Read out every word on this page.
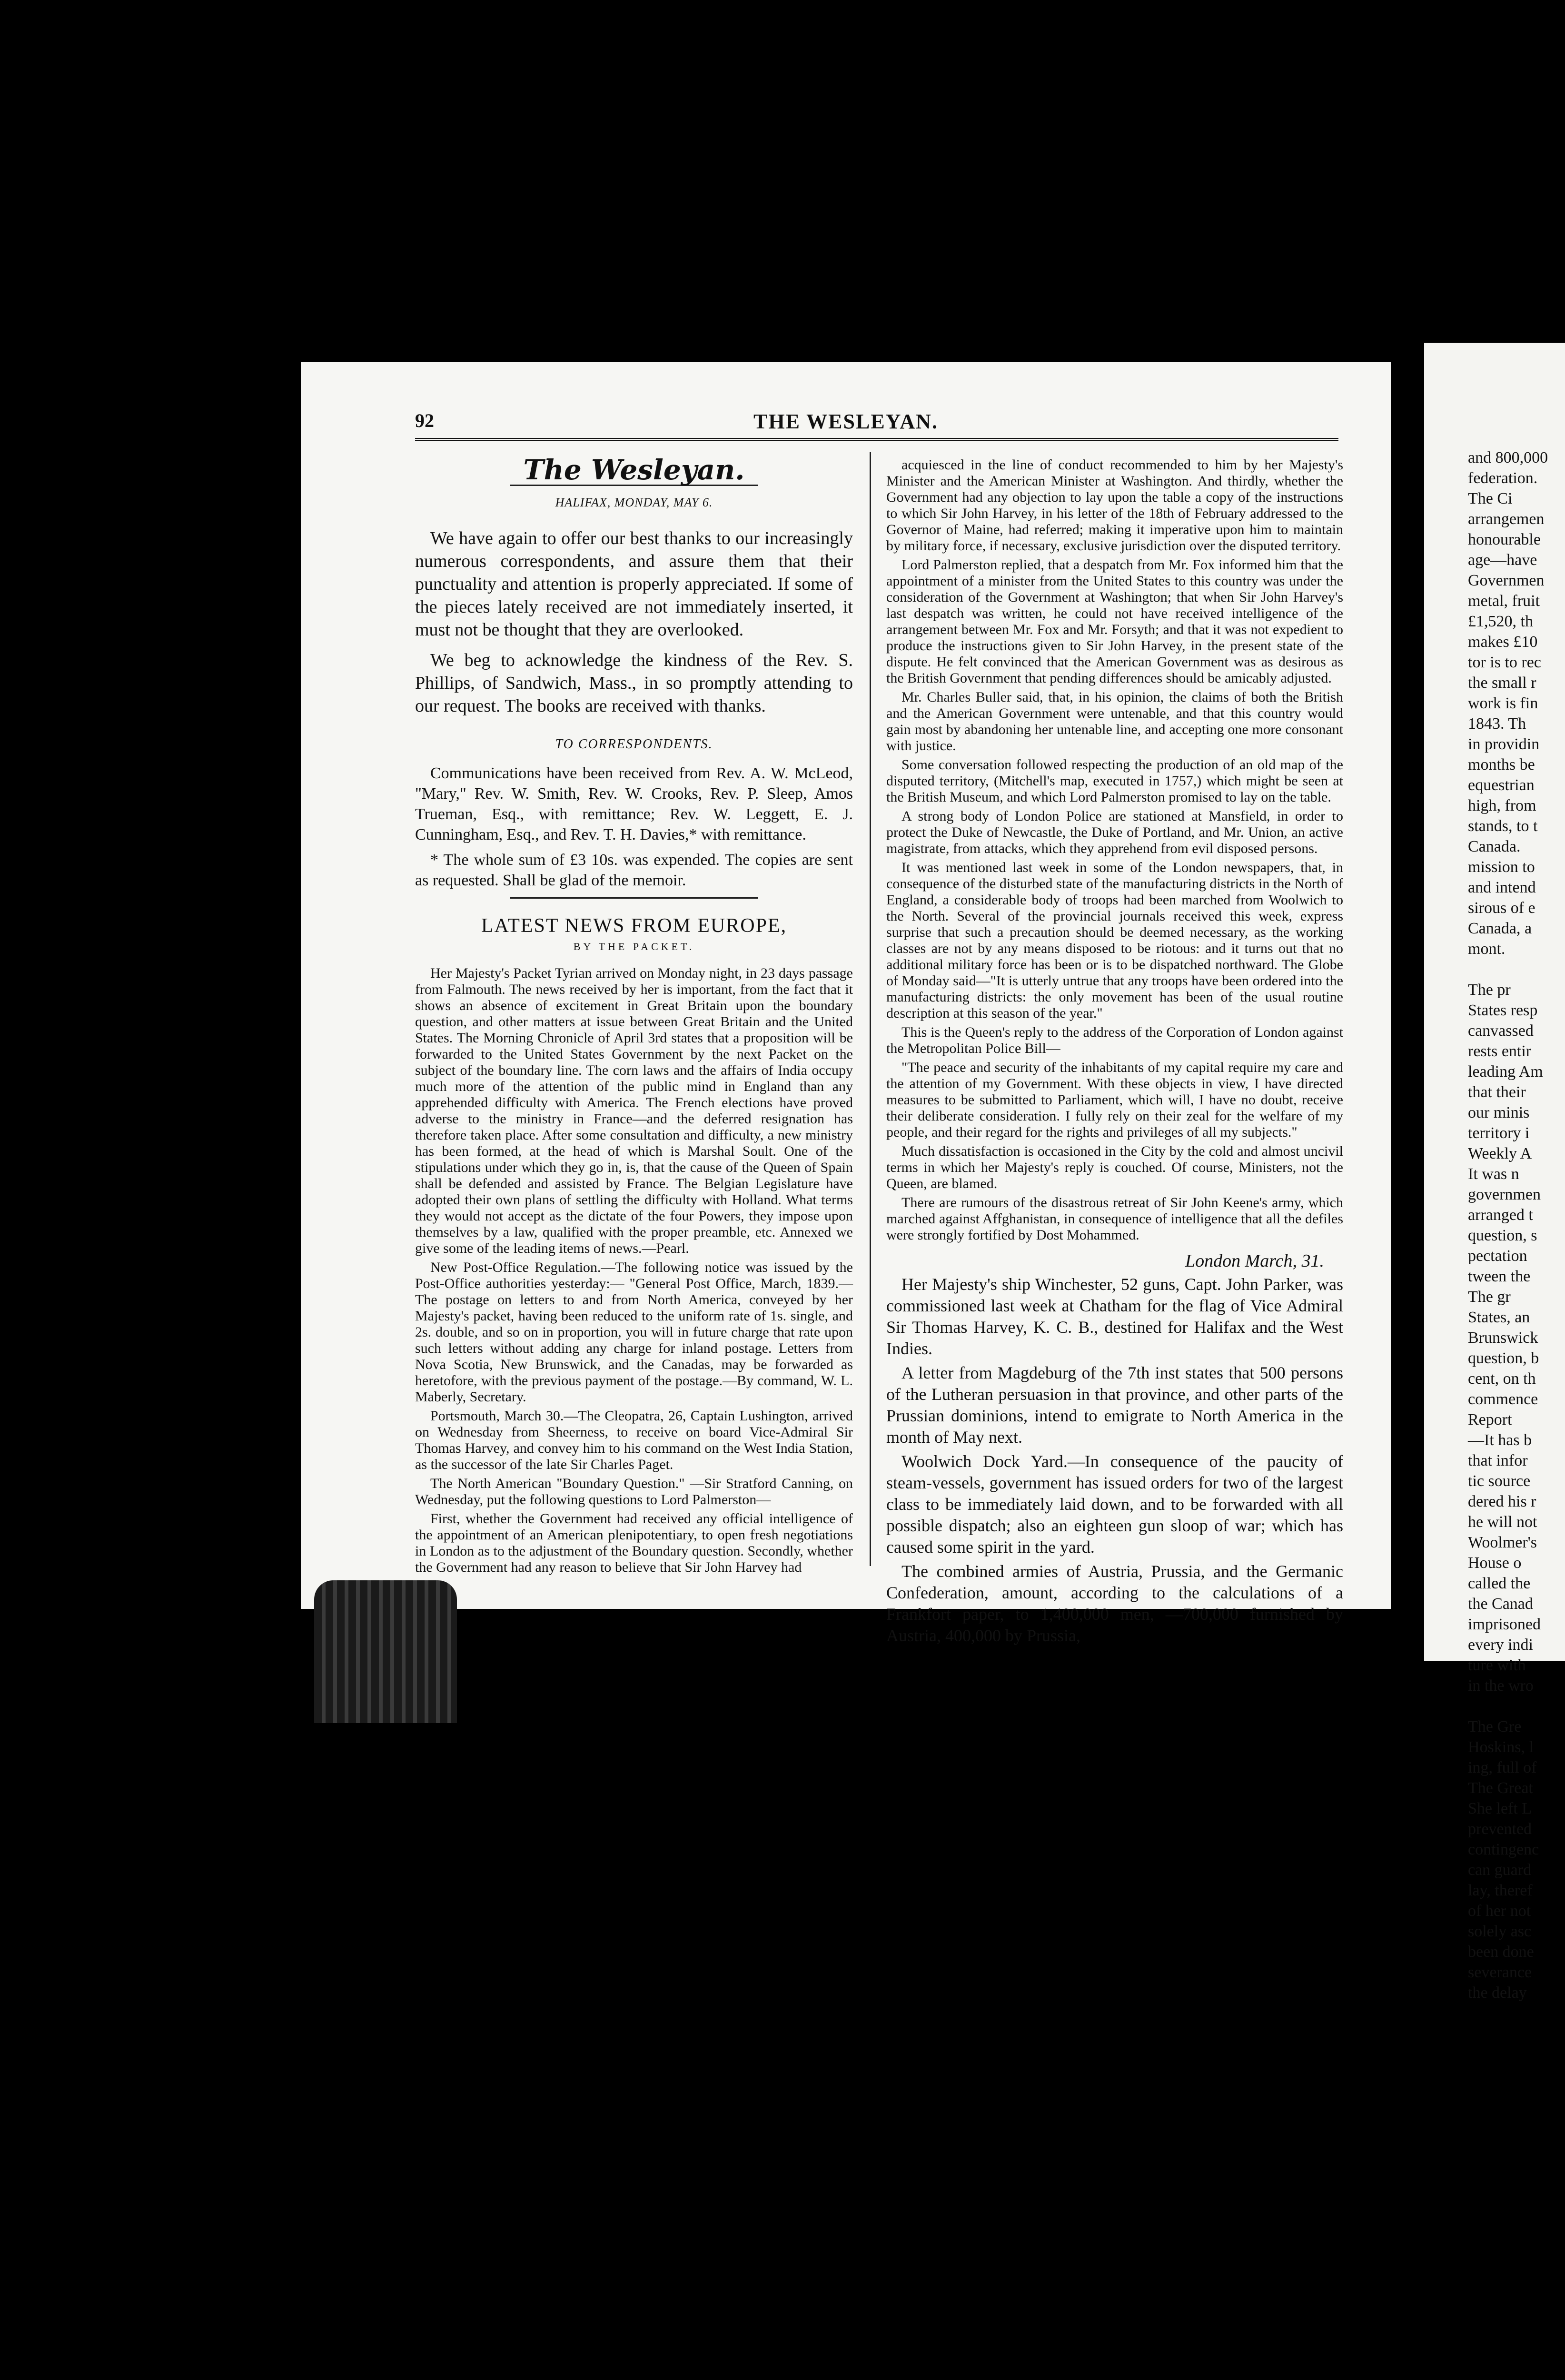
92	THE WESLEYAN.
The Wesleyan.
HALIFAX, MONDAY, MAY 6.

We have again to offer our best thanks to our increasingly numerous correspondents, and assure them that their punctuality and attention is properly appreciated. If some of the pieces lately received are not immediately inserted, it must not be thought that they are overlooked.

We beg to acknowledge the kindness of the Rev. S. Phillips, of Sandwich, Mass., in so promptly attending to our request. The books are received with thanks.

TO CORRESPONDENTS.

Communications have been received from Rev. A. W. McLeod, "Mary," Rev. W. Smith, Rev. W. Crooks, Rev. P. Sleep, Amos Trueman, Esq., with remittance; Rev. W. Leggett, E. J. Cunningham, Esq., and Rev. T. H. Davies,* with remittance.

* The whole sum of £3 10s. was expended. The copies are sent as requested. Shall be glad of the memoir.

LATEST NEWS FROM EUROPE,
BY THE PACKET.

Her Majesty's Packet Tyrian arrived on Monday night, in 23 days passage from Falmouth. The news received by her is important, from the fact that it shows an absence of excitement in Great Britain upon the boundary question, and other matters at issue between Great Britain and the United States. The Morning Chronicle of April 3rd states that a proposition will be forwarded to the United States Government by the next Packet on the subject of the boundary line. The corn laws and the affairs of India occupy much more of the attention of the public mind in England than any apprehended difficulty with America. The French elections have proved adverse to the ministry in France—and the deferred resignation has therefore taken place. After some consultation and difficulty, a new ministry has been formed, at the head of which is Marshal Soult. One of the stipulations under which they go in, is, that the cause of the Queen of Spain shall be defended and assisted by France. The Belgian Legislature have adopted their own plans of settling the difficulty with Holland. What terms they would not accept as the dictate of the four Powers, they impose upon themselves by a law, qualified with the proper preamble, etc. Annexed we give some of the leading items of news.—Pearl.

New Post-Office Regulation.—The following notice was issued by the Post-Office authorities yesterday:— "General Post Office, March, 1839.—The postage on letters to and from North America, conveyed by her Majesty's packet, having been reduced to the uniform rate of 1s. single, and 2s. double, and so on in proportion, you will in future charge that rate upon such letters without adding any charge for inland postage. Letters from Nova Scotia, New Brunswick, and the Canadas, may be forwarded as heretofore, with the previous payment of the postage.—By command, W. L. Maberly, Secretary.

Portsmouth, March 30.—The Cleopatra, 26, Captain Lushington, arrived on Wednesday from Sheerness, to receive on board Vice-Admiral Sir Thomas Harvey, and convey him to his command on the West India Station, as the successor of the late Sir Charles Paget.

The North American "Boundary Question." —Sir Stratford Canning, on Wednesday, put the following questions to Lord Palmerston—

First, whether the Government had received any official intelligence of the appointment of an American plenipotentiary, to open fresh negotiations in London as to the adjustment of the Boundary question. Secondly, whether the Government had any reason to believe that Sir John Harvey had

acquiesced in the line of conduct recommended to him by her Majesty's Minister and the American Minister at Washington. And thirdly, whether the Government had any objection to lay upon the table a copy of the instructions to which Sir John Harvey, in his letter of the 18th of February addressed to the Governor of Maine, had referred; making it imperative upon him to maintain by military force, if necessary, exclusive jurisdiction over the disputed territory.

Lord Palmerston replied, that a despatch from Mr. Fox informed him that the appointment of a minister from the United States to this country was under the consideration of the Government at Washington; that when Sir John Harvey's last despatch was written, he could not have received intelligence of the arrangement between Mr. Fox and Mr. Forsyth; and that it was not expedient to produce the instructions given to Sir John Harvey, in the present state of the dispute. He felt convinced that the American Government was as desirous as the British Government that pending differences should be amicably adjusted.

Mr. Charles Buller said, that, in his opinion, the claims of both the British and the American Government were untenable, and that this country would gain most by abandoning her untenable line, and accepting one more consonant with justice.

Some conversation followed respecting the production of an old map of the disputed territory, (Mitchell's map, executed in 1757,) which might be seen at the British Museum, and which Lord Palmerston promised to lay on the table.

A strong body of London Police are stationed at Mansfield, in order to protect the Duke of Newcastle, the Duke of Portland, and Mr. Union, an active magistrate, from attacks, which they apprehend from evil disposed persons.

It was mentioned last week in some of the London newspapers, that, in consequence of the disturbed state of the manufacturing districts in the North of England, a considerable body of troops had been marched from Woolwich to the North. Several of the provincial journals received this week, express surprise that such a precaution should be deemed necessary, as the working classes are not by any means disposed to be riotous: and it turns out that no additional military force has been or is to be dispatched northward. The Globe of Monday said—"It is utterly untrue that any troops have been ordered into the manufacturing districts: the only movement has been of the usual routine description at this season of the year."

This is the Queen's reply to the address of the Corporation of London against the Metropolitan Police Bill—

"The peace and security of the inhabitants of my capital require my care and the attention of my Government. With these objects in view, I have directed measures to be submitted to Parliament, which will, I have no doubt, receive their deliberate consideration. I fully rely on their zeal for the welfare of my people, and their regard for the rights and privileges of all my subjects."

Much dissatisfaction is occasioned in the City by the cold and almost uncivil terms in which her Majesty's reply is couched. Of course, Ministers, not the Queen, are blamed.

There are rumours of the disastrous retreat of Sir John Keene's army, which marched against Affghanistan, in consequence of intelligence that all the defiles were strongly fortified by Dost Mohammed.

London March, 31.

Her Majesty's ship Winchester, 52 guns, Capt. John Parker, was commissioned last week at Chatham for the flag of Vice Admiral Sir Thomas Harvey, K. C. B., destined for Halifax and the West Indies.

A letter from Magdeburg of the 7th inst states that 500 persons of the Lutheran persuasion in that province, and other parts of the Prussian dominions, intend to emigrate to North America in the month of May next.

Woolwich Dock Yard.—In consequence of the paucity of steam-vessels, government has issued orders for two of the largest class to be immediately laid down, and to be forwarded with all possible dispatch; also an eighteen gun sloop of war; which has caused some spirit in the yard.

The combined armies of Austria, Prussia, and the Germanic Confederation, amount, according to the calculations of a Frankfort paper, to 1,400,000 men, —700,000 furnished by Austria, 400,000 by Prussia,

and 800,000
federation.
The Ci
arrangemen
honourable
age—have
Governmen
metal, fruit
£1,520, th
makes £10
tor is to rec
the small r
work is fin
1843. Th
in providin
months be
equestrian
high, from
stands, to t
Canada.
mission to
and intend
sirous of e
Canada, a
mont.

The pr
States resp
canvassed
rests entir
leading Am
that their
our minis
territory i
Weekly A
It was n
governmen
arranged t
question, s
pectation
tween the
The gr
States, an
Brunswick
question, b
cent, on th
commence
Report
—It has b
that infor
tic source
dered his r
he will not
Woolmer's
House o
called the
the Canad
imprisoned
every indi
ture with
in the wro

The Gre
Hoskins, l
ing, full of
The Great
She left L
prevented
contingenc
can guard
lay, theref
of her not
solely asc
been done
severance
the delay
